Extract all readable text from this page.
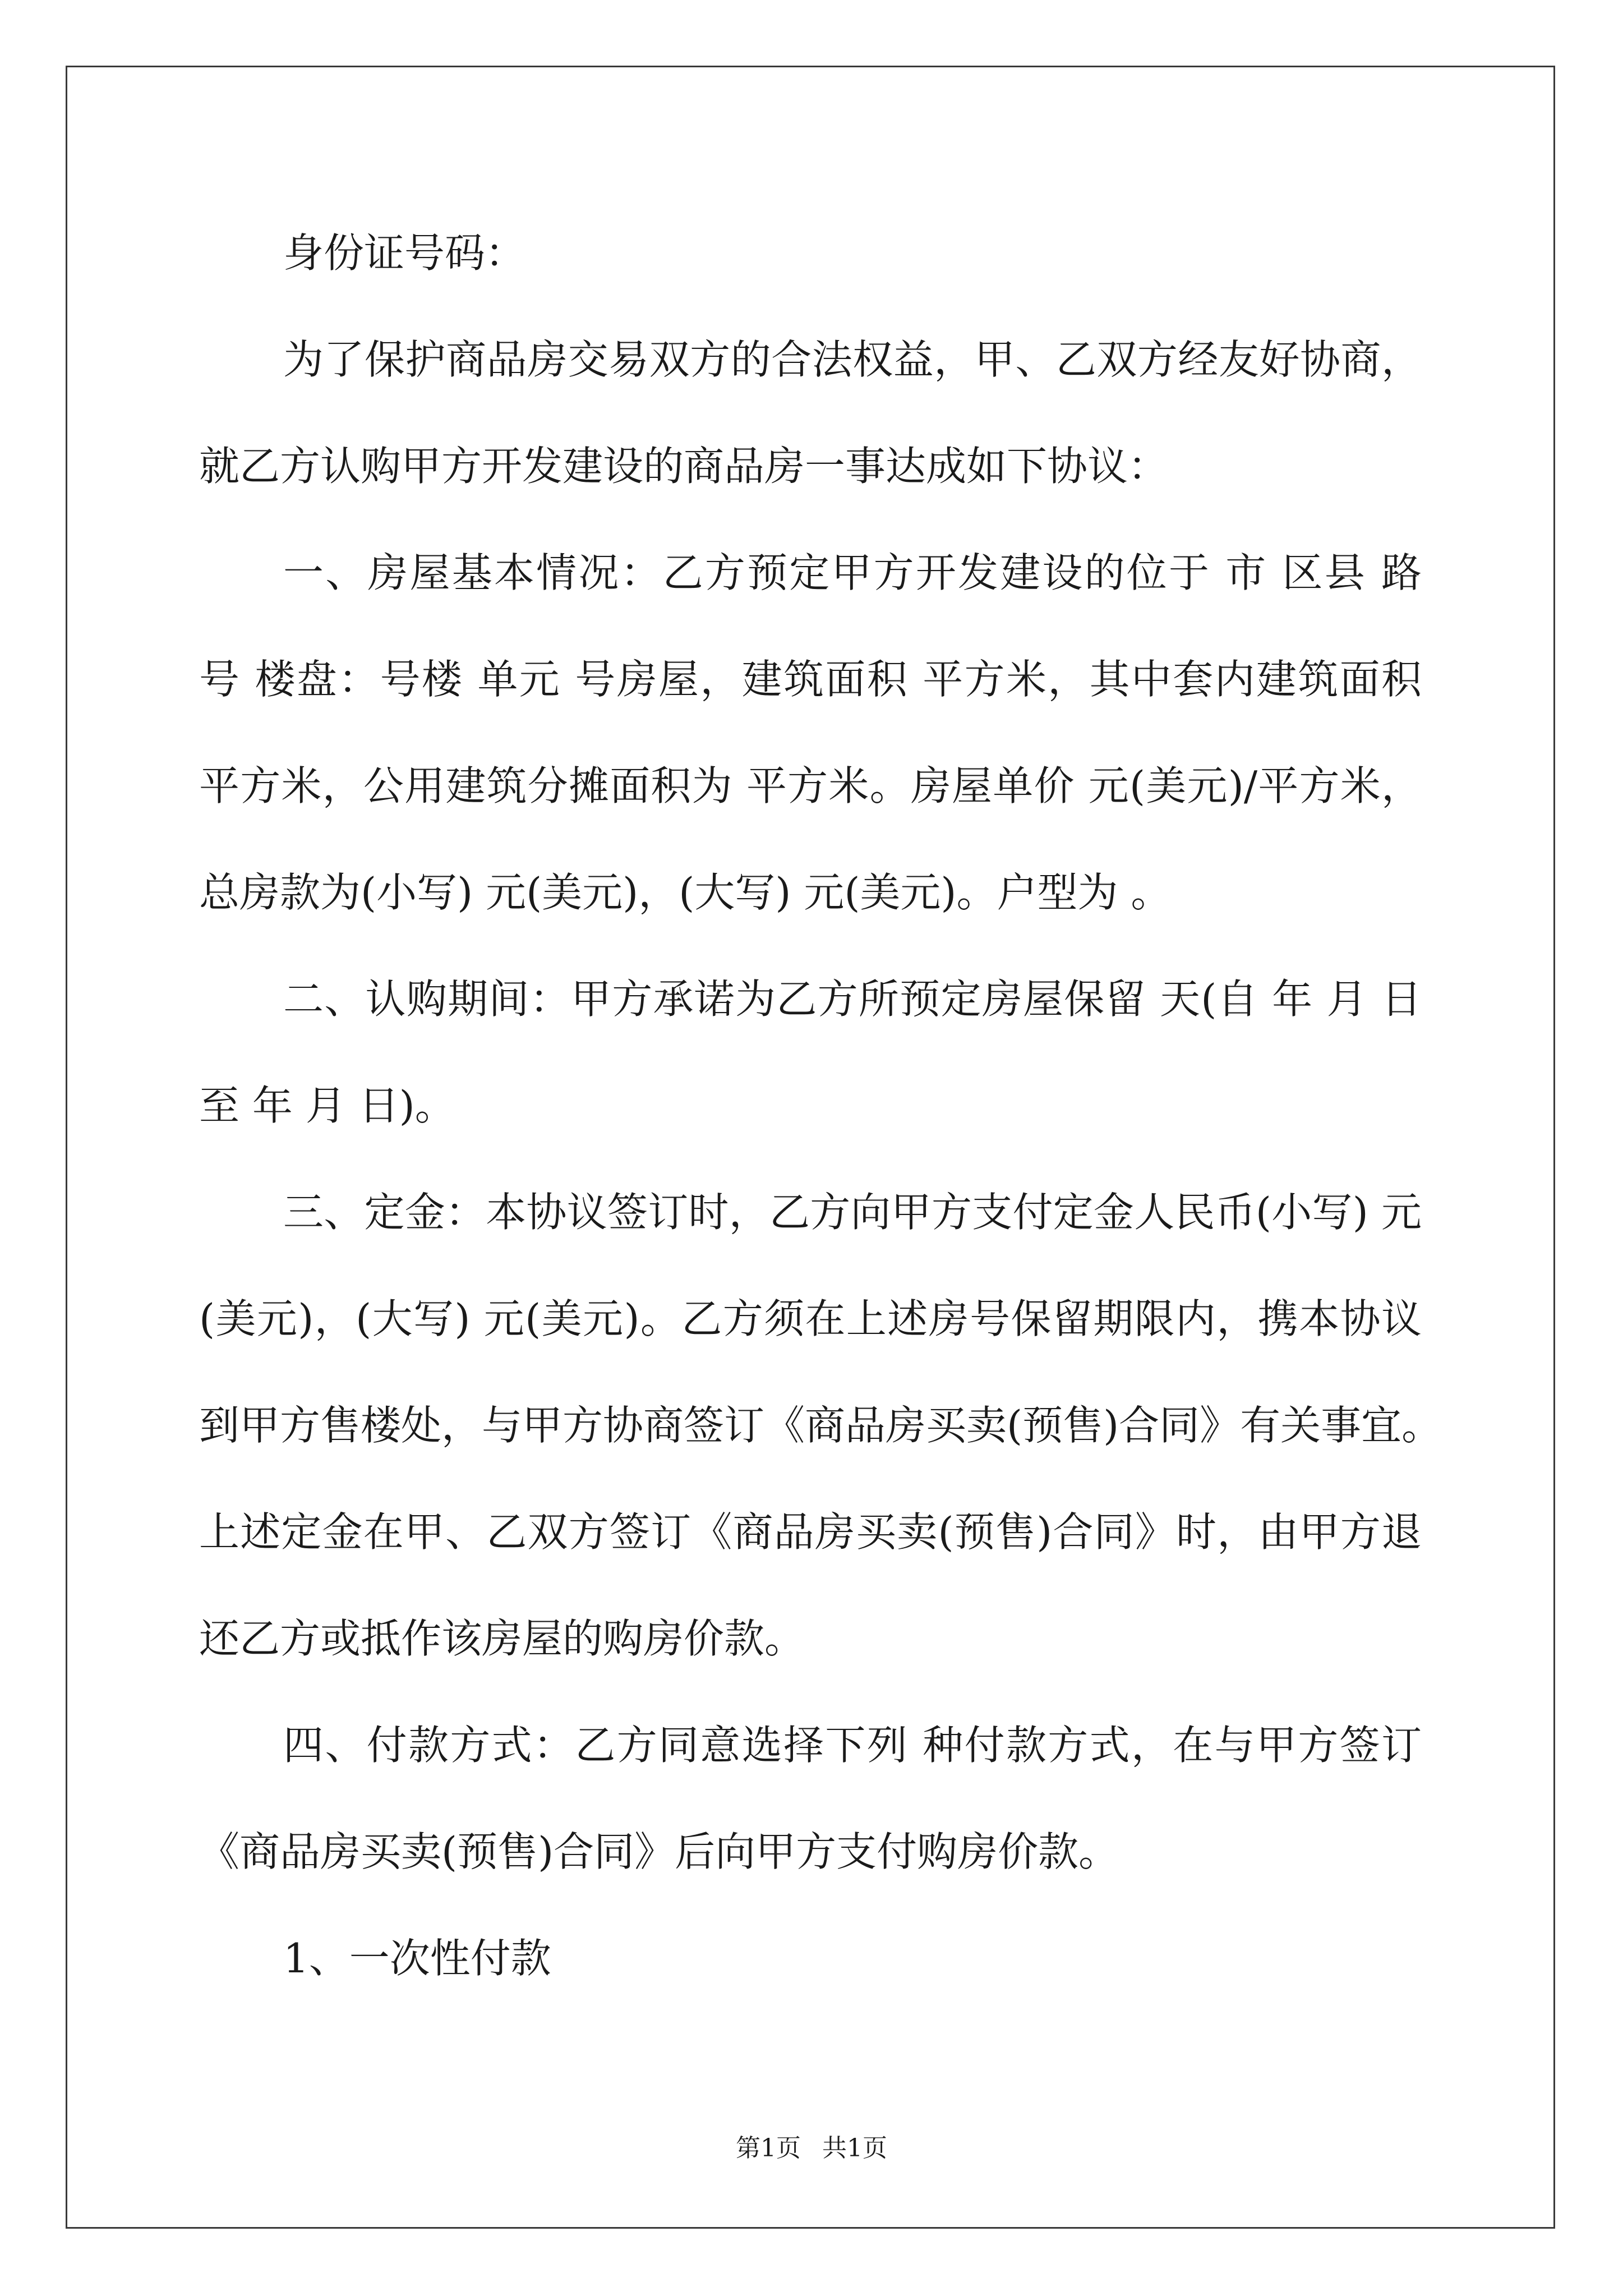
身份证号码：

为了保护商品房交易双方的合法权益，甲、乙双方经友好协商，

就乙方认购甲方开发建设的商品房一事达成如下协议：

一、房屋基本情况：乙方预定甲方开发建设的位于 市 区县 路

号 楼盘：号楼 单元 号房屋，建筑面积 平方米，其中套内建筑面积

平方米，公用建筑分摊面积为 平方米。房屋单价 元(美元)/平方米，

总房款为(小写) 元(美元)，(大写) 元(美元)。户型为 。

二、认购期间：甲方承诺为乙方所预定房屋保留 天(自 年 月 日

至 年 月 日)。

三、定金：本协议签订时，乙方向甲方支付定金人民币(小写) 元

(美元)，(大写) 元(美元)。乙方须在上述房号保留期限内，携本协议

到甲方售楼处，与甲方协商签订《商品房买卖(预售)合同》有关事宜。

上述定金在甲、乙双方签订《商品房买卖(预售)合同》时，由甲方退

还乙方或抵作该房屋的购房价款。

四、付款方式：乙方同意选择下列 种付款方式，在与甲方签订

《商品房买卖(预售)合同》后向甲方支付购房价款。

1、一次性付款

第1页 共1页
